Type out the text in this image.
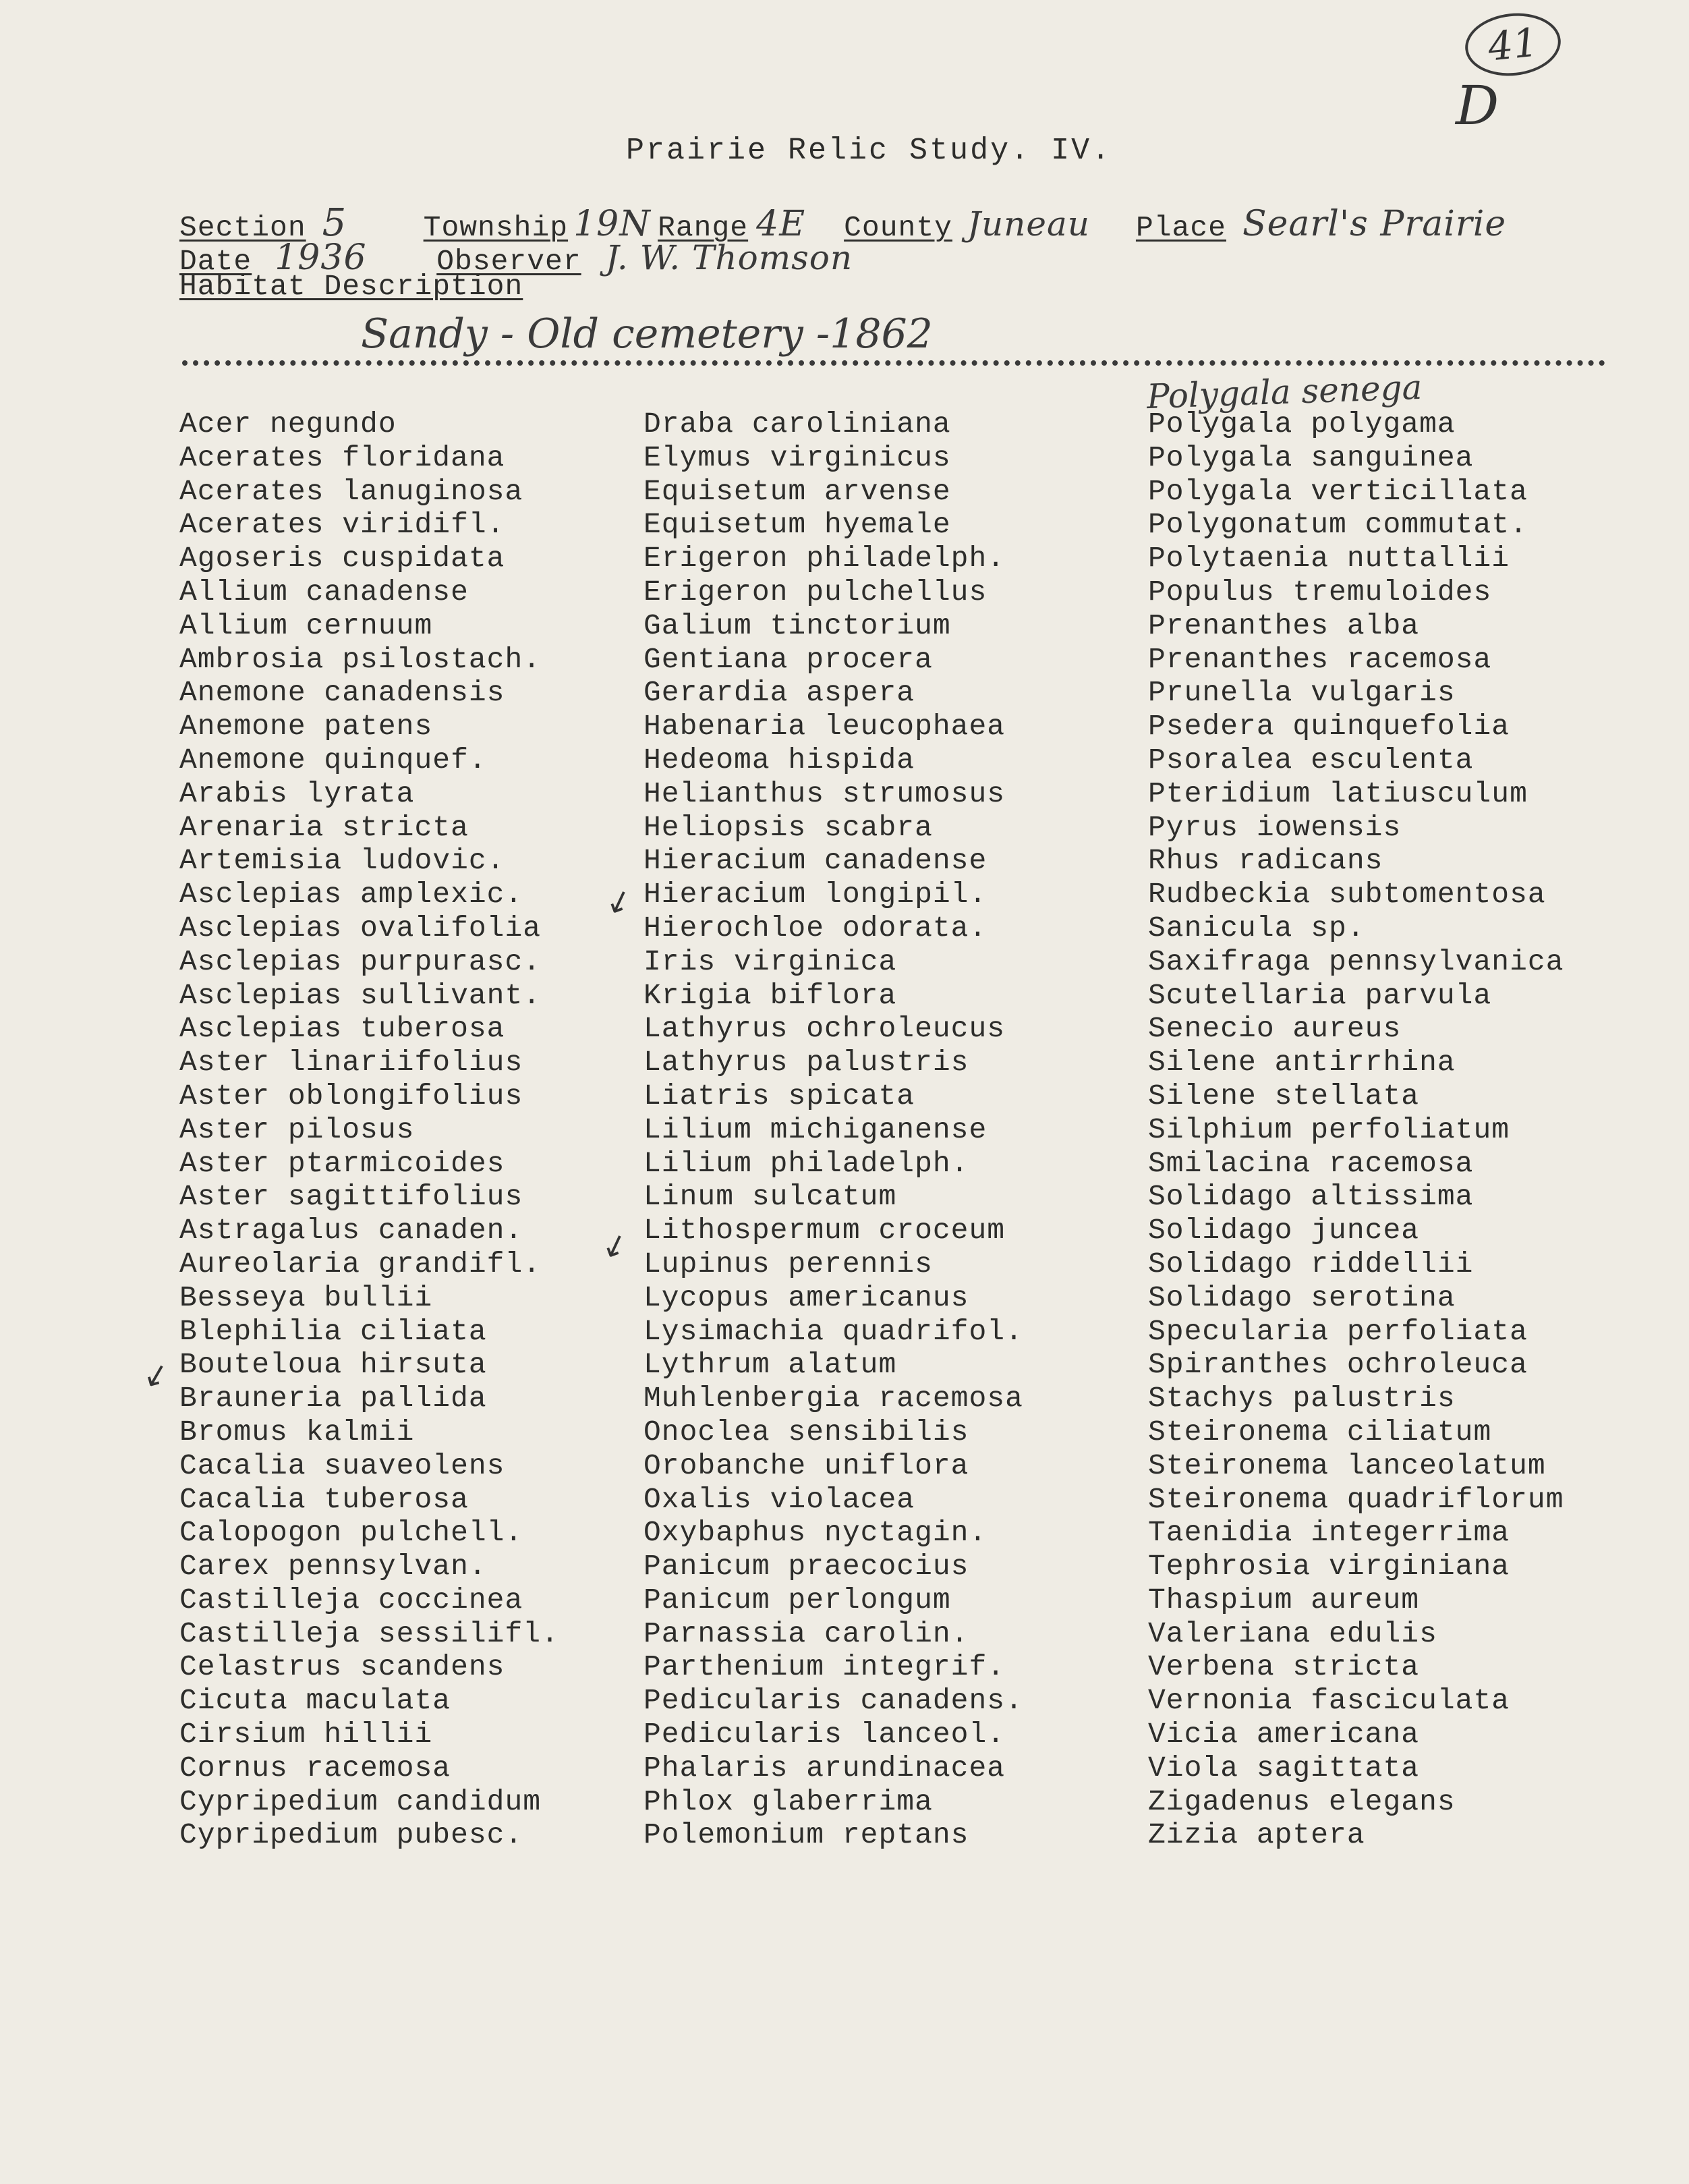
41
D
Prairie Relic Study. IV.
Section 5	Township 19N Range 4E	County Juneau	Place Searl's Prairie
Date 1936	Observer J. W. Thomson
Habitat Description
Sandy - Old cemetery -1862
Polygala senega
Acer negundo
Acerates floridana
Acerates lanuginosa
Acerates viridifl.
Agoseris cuspidata
Allium canadense
Allium cernuum
Ambrosia psilostach.
Anemone canadensis
Anemone patens
Anemone quinquef.
Arabis lyrata
Arenaria stricta
Artemisia ludovic.
Asclepias amplexic.
Asclepias ovalifolia
Asclepias purpurasc.
Asclepias sullivant.
Asclepias tuberosa
Aster linariifolius
Aster oblongifolius
Aster pilosus
Aster ptarmicoides
Aster sagittifolius
Astragalus canaden.
Aureolaria grandifl.
Besseya bullii
Blephilia ciliata
Bouteloua hirsuta
Brauneria pallida
Bromus kalmii
Cacalia suaveolens
Cacalia tuberosa
Calopogon pulchell.
Carex pennsylvan.
Castilleja coccinea
Castilleja sessilifl.
Celastrus scandens
Cicuta maculata
Cirsium hillii
Cornus racemosa
Cypripedium candidum
Cypripedium pubesc.
Draba caroliniana
Elymus virginicus
Equisetum arvense
Equisetum hyemale
Erigeron philadelph.
Erigeron pulchellus
Galium tinctorium
Gentiana procera
Gerardia aspera
Habenaria leucophaea
Hedeoma hispida
Helianthus strumosus
Heliopsis scabra
Hieracium canadense
Hieracium longipil.
Hierochloe odorata.
Iris virginica
Krigia biflora
Lathyrus ochroleucus
Lathyrus palustris
Liatris spicata
Lilium michiganense
Lilium philadelph.
Linum sulcatum
Lithospermum croceum
Lupinus perennis
Lycopus americanus
Lysimachia quadrifol.
Lythrum alatum
Muhlenbergia racemosa
Onoclea sensibilis
Orobanche uniflora
Oxalis violacea
Oxybaphus nyctagin.
Panicum praecocius
Panicum perlongum
Parnassia carolin.
Parthenium integrif.
Pedicularis canadens.
Pedicularis lanceol.
Phalaris arundinacea
Phlox glaberrima
Polemonium reptans
Polygala polygama
Polygala sanguinea
Polygala verticillata
Polygonatum commutat.
Polytaenia nuttallii
Populus tremuloides
Prenanthes alba
Prenanthes racemosa
Prunella vulgaris
Psedera quinquefolia
Psoralea esculenta
Pteridium latiusculum
Pyrus iowensis
Rhus radicans
Rudbeckia subtomentosa
Sanicula sp.
Saxifraga pennsylvanica
Scutellaria parvula
Senecio aureus
Silene antirrhina
Silene stellata
Silphium perfoliatum
Smilacina racemosa
Solidago altissima
Solidago juncea
Solidago riddellii
Solidago serotina
Specularia perfoliata
Spiranthes ochroleuca
Stachys palustris
Steironema ciliatum
Steironema lanceolatum
Steironema quadriflorum
Taenidia integerrima
Tephrosia virginiana
Thaspium aureum
Valeriana edulis
Verbena stricta
Vernonia fasciculata
Vicia americana
Viola sagittata
Zigadenus elegans
Zizia aptera
↙
↙
↙
